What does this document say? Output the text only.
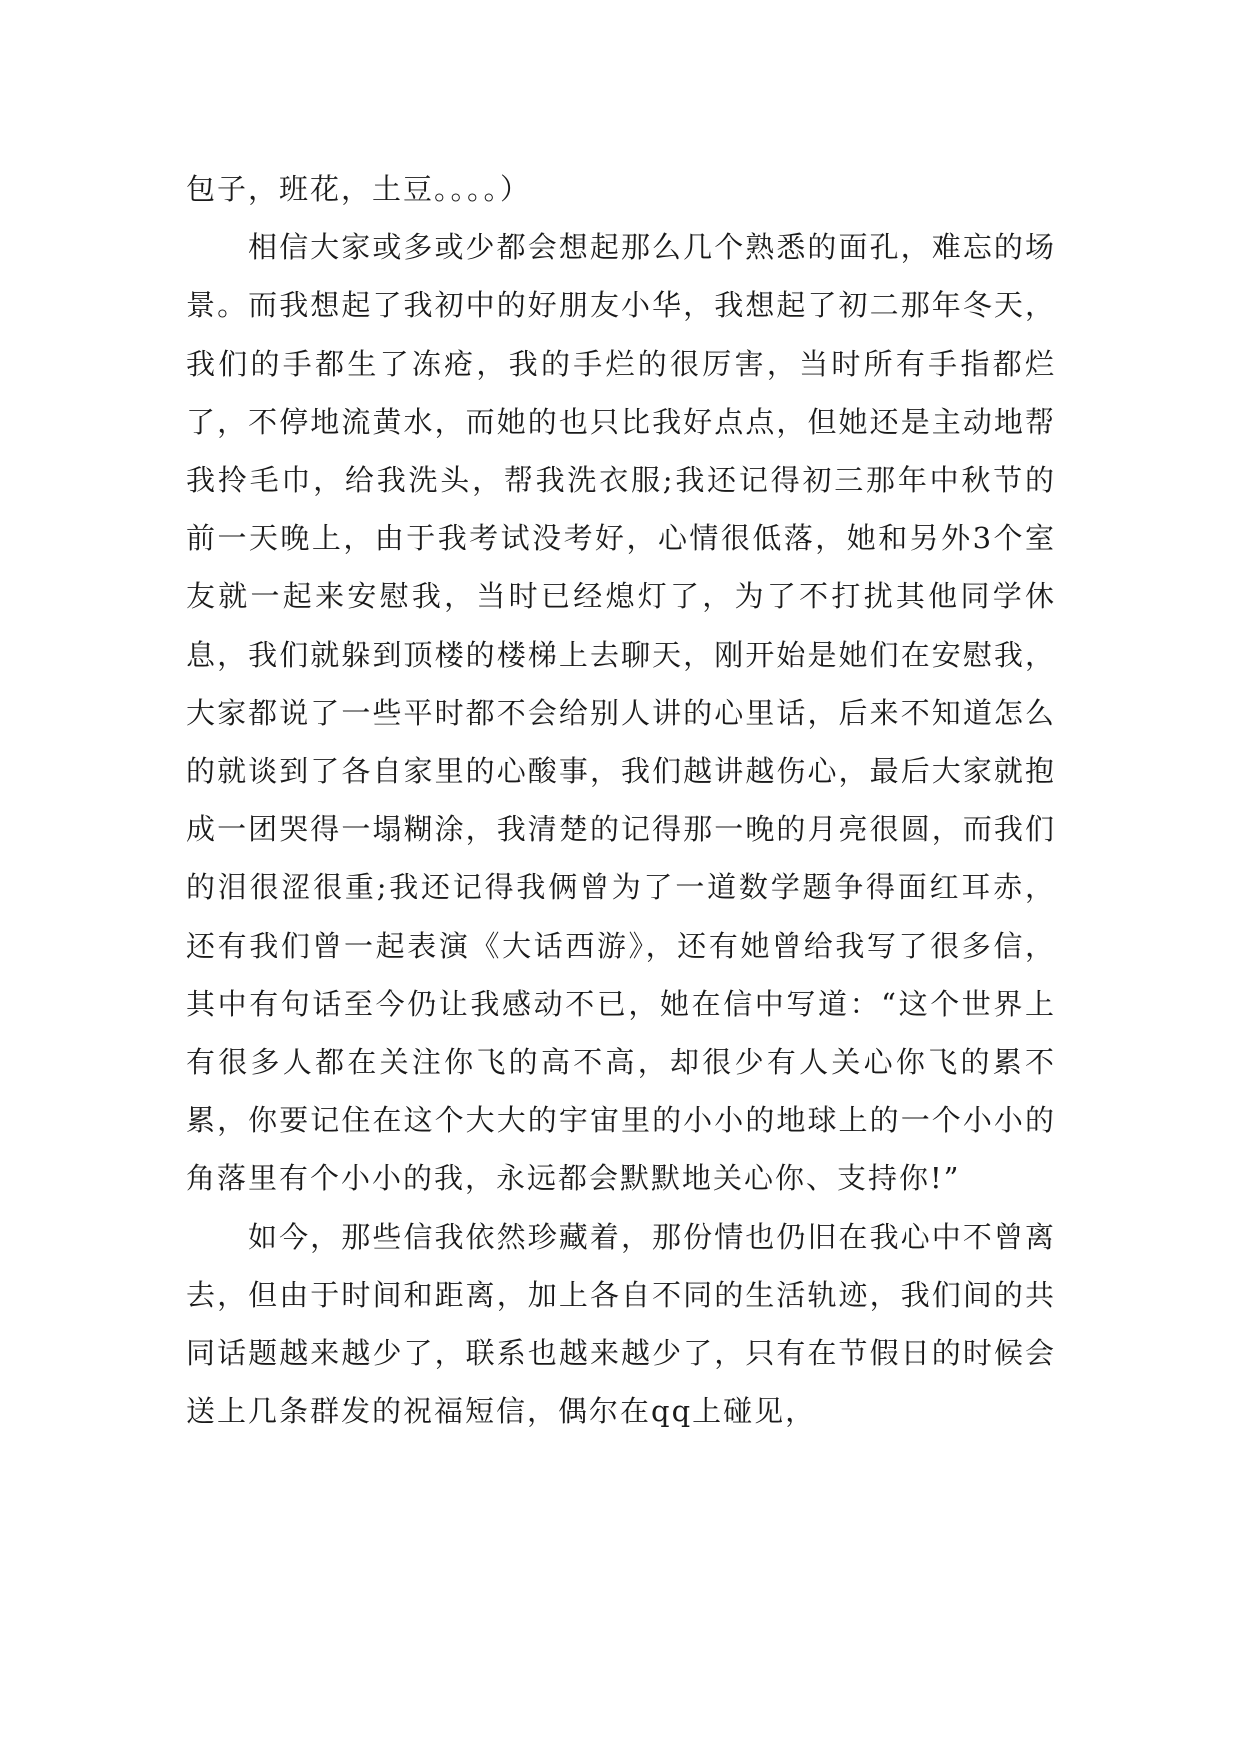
包子，班花，土豆。。。。）

相信大家或多或少都会想起那么几个熟悉的面孔，难忘的场景。而我想起了我初中的好朋友小华，我想起了初二那年冬天，我们的手都生了冻疮，我的手烂的很厉害，当时所有手指都烂了，不停地流黄水，而她的也只比我好点点，但她还是主动地帮我拎毛巾，给我洗头，帮我洗衣服;我还记得初三那年中秋节的前一天晚上，由于我考试没考好，心情很低落，她和另外3个室友就一起来安慰我，当时已经熄灯了，为了不打扰其他同学休息，我们就躲到顶楼的楼梯上去聊天，刚开始是她们在安慰我，大家都说了一些平时都不会给别人讲的心里话，后来不知道怎么的就谈到了各自家里的心酸事，我们越讲越伤心，最后大家就抱成一团哭得一塌糊涂，我清楚的记得那一晚的月亮很圆，而我们的泪很涩很重;我还记得我俩曾为了一道数学题争得面红耳赤，还有我们曾一起表演《大话西游》，还有她曾给我写了很多信，其中有句话至今仍让我感动不已，她在信中写道：“这个世界上有很多人都在关注你飞的高不高，却很少有人关心你飞的累不累，你要记住在这个大大的宇宙里的小小的地球上的一个小小的角落里有个小小的我，永远都会默默地关心你、支持你!”

如今，那些信我依然珍藏着，那份情也仍旧在我心中不曾离去，但由于时间和距离，加上各自不同的生活轨迹，我们间的共同话题越来越少了，联系也越来越少了，只有在节假日的时候会送上几条群发的祝福短信，偶尔在qq上碰见，
